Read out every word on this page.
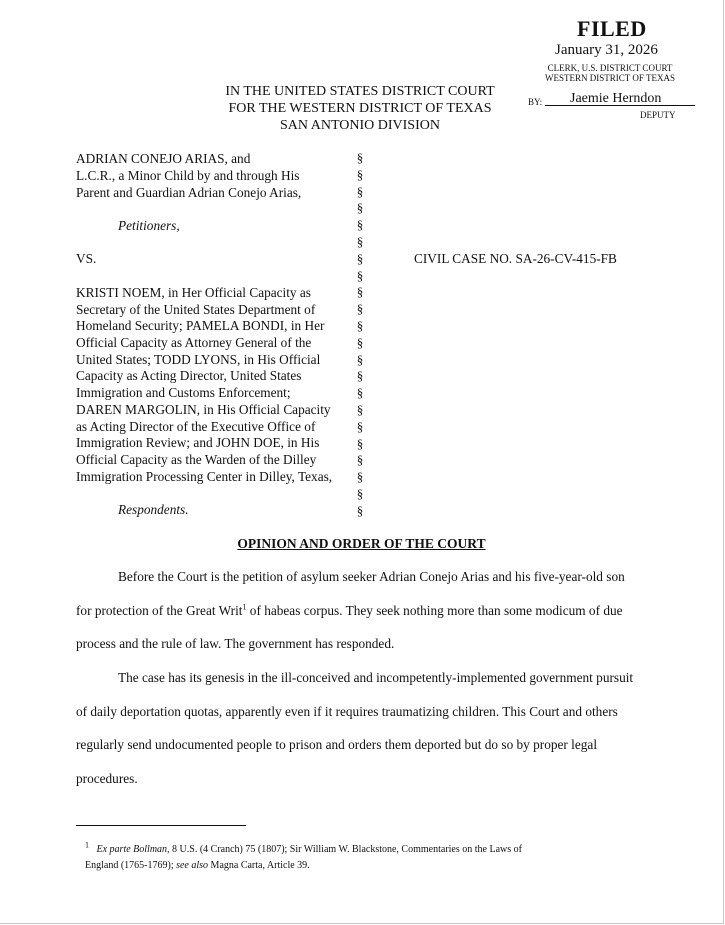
FILED
January 31, 2026
CLERK, U.S. DISTRICT COURT
WESTERN DISTRICT OF TEXAS
BY: Jaemie Herndon
DEPUTY
IN THE UNITED STATES DISTRICT COURT
FOR THE WESTERN DISTRICT OF TEXAS
SAN ANTONIO DIVISION
ADRIAN CONEJO ARIAS, and
L.C.R., a Minor Child by and through His
Parent and Guardian Adrian Conejo Arias,
Petitioners,
VS.
KRISTI NOEM, in Her Official Capacity as
Secretary of the United States Department of
Homeland Security; PAMELA BONDI, in Her
Official Capacity as Attorney General of the
United States; TODD LYONS, in His Official
Capacity as Acting Director, United States
Immigration and Customs Enforcement;
DAREN MARGOLIN, in His Official Capacity
as Acting Director of the Executive Office of
Immigration Review; and JOHN DOE, in His
Official Capacity as the Warden of the Dilley
Immigration Processing Center in Dilley, Texas,
Respondents.
§
§
§
§
§
§
§
§
§
§
§
§
§
§
§
§
§
§
§
§
§
§
CIVIL CASE NO. SA-26-CV-415-FB
OPINION AND ORDER OF THE COURT
Before the Court is the petition of asylum seeker Adrian Conejo Arias and his five-year-old son
for protection of the Great Writ$^1$ of habeas corpus. They seek nothing more than some modicum of due
process and the rule of law. The government has responded.
The case has its genesis in the ill-conceived and incompetently-implemented government pursuit
of daily deportation quotas, apparently even if it requires traumatizing children. This Court and others
regularly send undocumented people to prison and orders them deported but do so by proper legal
procedures.
$^1$ Ex parte Bollman, 8 U.S. (4 Cranch) 75 (1807); Sir William W. Blackstone, Commentaries on the Laws of
England (1765-1769); see also Magna Carta, Article 39.
